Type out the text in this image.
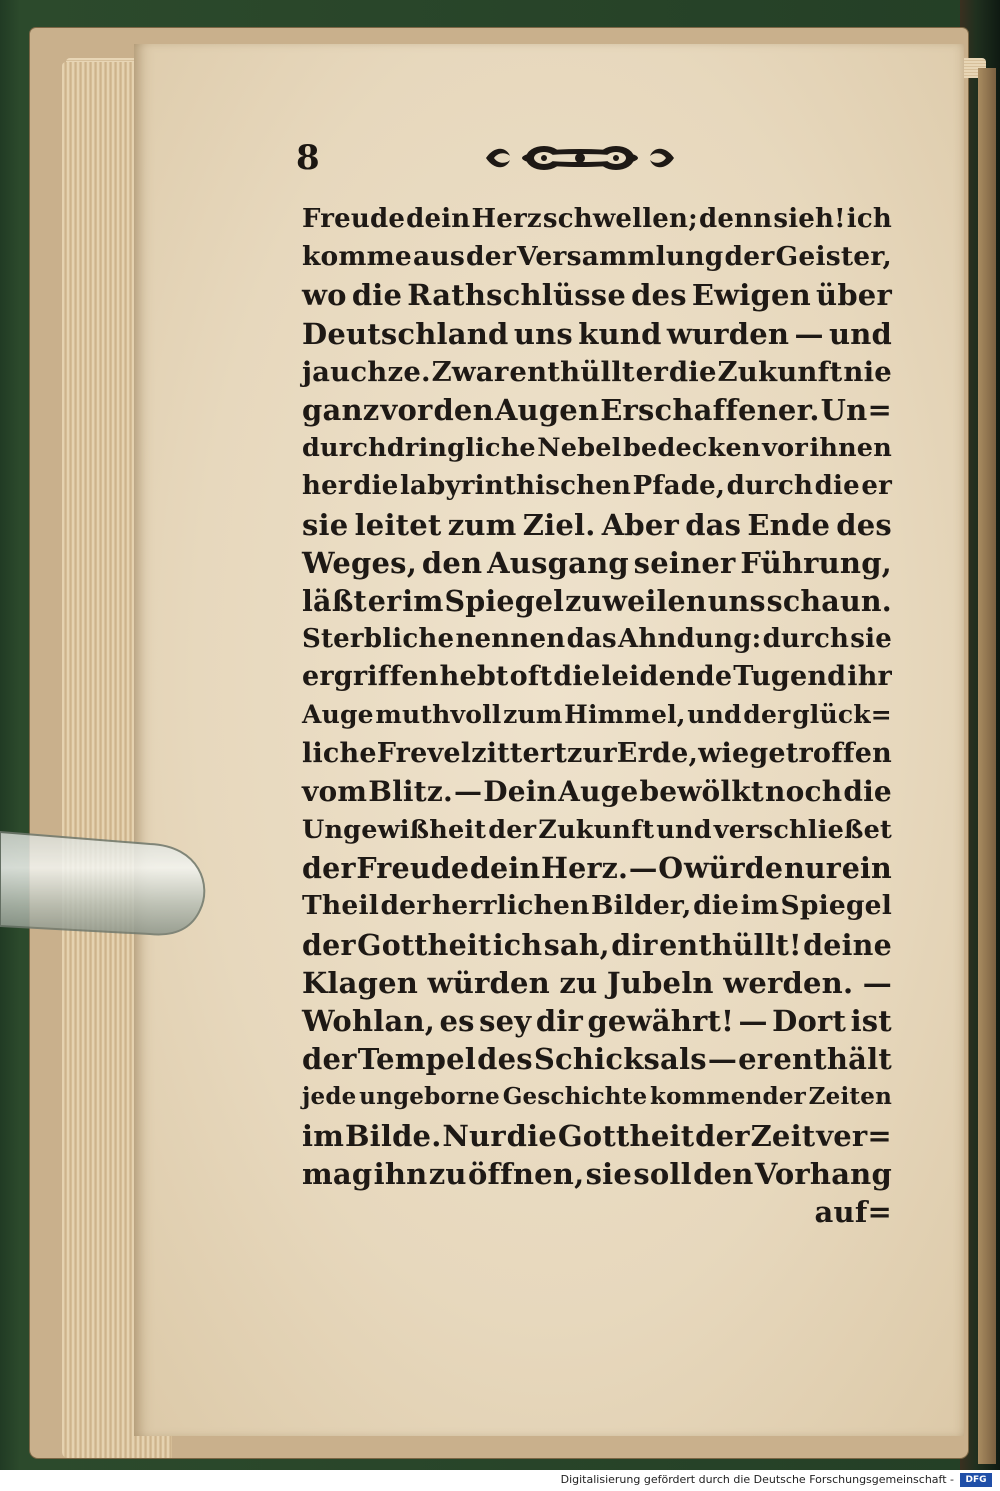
8
Freude dein Herz schwellen; denn sieh! ich
komme aus der Versammlung der Geister,
wo die Rathschlüsse des Ewigen über
Deutschland uns kund wurden — und
jauchze. Zwar enthüllt er die Zukunft nie
ganz vor den Augen Erschaffener. Un=
durchdringliche Nebel bedecken vor ihnen
her die labyrinthischen Pfade, durch die er
sie leitet zum Ziel. Aber das Ende des
Weges, den Ausgang seiner Führung,
läßt er im Spiegel zuweilen uns schaun.
Sterbliche nennen das Ahndung: durch sie
ergriffen hebt oft die leidende Tugend ihr
Auge muthvoll zum Himmel, und der glück=
liche Frevel zittert zur Erde, wie getroffen
vom Blitz. — Dein Auge bewölkt noch die
Ungewißheit der Zukunft und verschließet
der Freude dein Herz. — O würde nur ein
Theil der herrlichen Bilder, die im Spiegel
der Gottheit ich sah, dir enthüllt! deine
Klagen würden zu Jubeln werden. —
Wohlan, es sey dir gewährt! — Dort ist
der Tempel des Schicksals — er enthält
jede ungeborne Geschichte kommender Zeiten
im Bilde. Nur die Gottheit der Zeit ver=
mag ihn zu öffnen, sie soll den Vorhang
auf=
Digitalisierung gefördert durch die Deutsche Forschungsgemeinschaft -	DFG
